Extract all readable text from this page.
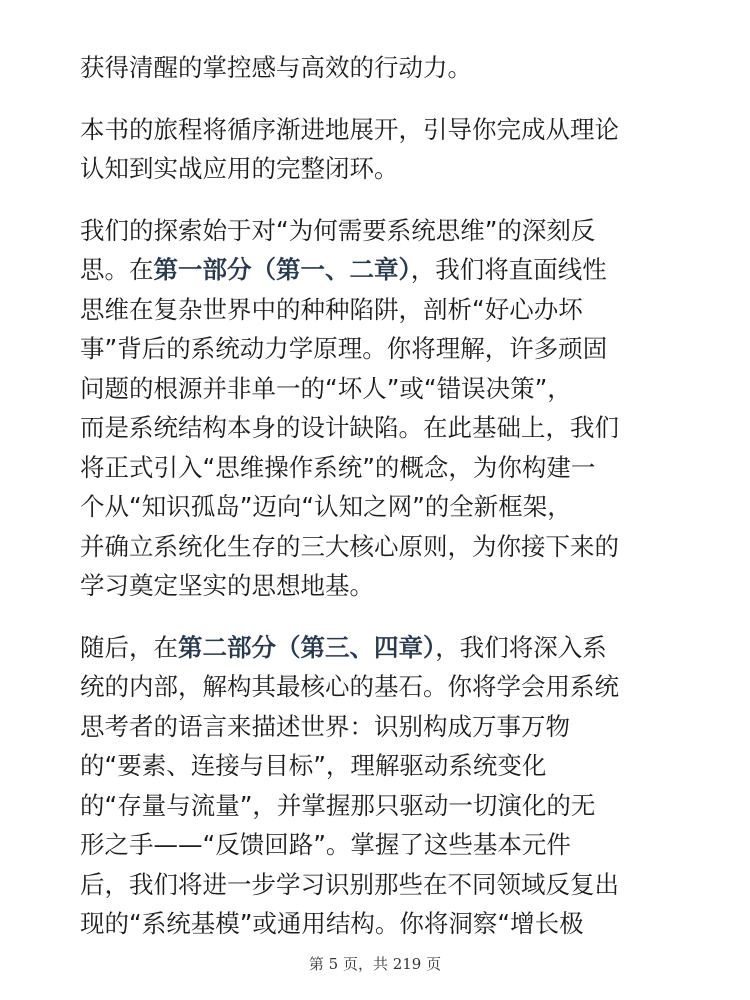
获得清醒的掌控感与高效的行动力。

本书的旅程将循序渐进地展开，引导你完成从理论
认知到实战应用的完整闭环。

我们的探索始于对“为何需要系统思维”的深刻反
思。在第一部分（第一、二章），我们将直面线性
思维在复杂世界中的种种陷阱，剖析“好心办坏
事”背后的系统动力学原理。你将理解，许多顽固
问题的根源并非单一的“坏人”或“错误决策”，
而是系统结构本身的设计缺陷。在此基础上，我们
将正式引入“思维操作系统”的概念，为你构建一
个从“知识孤岛”迈向“认知之网”的全新框架，
并确立系统化生存的三大核心原则，为你接下来的
学习奠定坚实的思想地基。

随后，在第二部分（第三、四章），我们将深入系
统的内部，解构其最核心的基石。你将学会用系统
思考者的语言来描述世界：识别构成万事万物
的“要素、连接与目标”，理解驱动系统变化
的“存量与流量”，并掌握那只驱动一切演化的无
形之手——“反馈回路”。掌握了这些基本元件
后，我们将进一步学习识别那些在不同领域反复出
现的“系统基模”或通用结构。你将洞察“增长极

第 5 页，共 219 页
